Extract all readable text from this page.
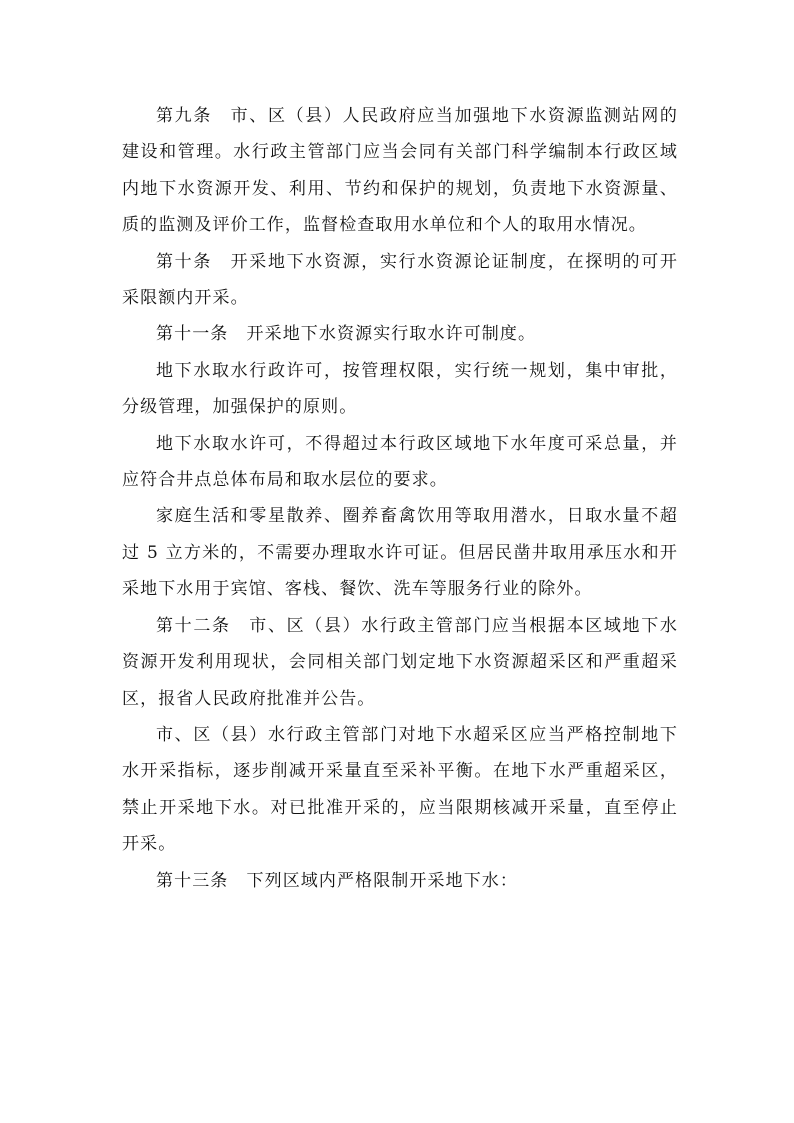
第九条　市、区（县）人民政府应当加强地下水资源监测站网的建设和管理。水行政主管部门应当会同有关部门科学编制本行政区域内地下水资源开发、利用、节约和保护的规划，负责地下水资源量、质的监测及评价工作，监督检查取用水单位和个人的取用水情况。

第十条　开采地下水资源，实行水资源论证制度，在探明的可开采限额内开采。

第十一条　开采地下水资源实行取水许可制度。

地下水取水行政许可，按管理权限，实行统一规划，集中审批，分级管理，加强保护的原则。

地下水取水许可，不得超过本行政区域地下水年度可采总量，并应符合井点总体布局和取水层位的要求。

家庭生活和零星散养、圈养畜禽饮用等取用潜水，日取水量不超过 5 立方米的，不需要办理取水许可证。但居民凿井取用承压水和开采地下水用于宾馆、客栈、餐饮、洗车等服务行业的除外。

第十二条　市、区（县）水行政主管部门应当根据本区域地下水资源开发利用现状，会同相关部门划定地下水资源超采区和严重超采区，报省人民政府批准并公告。

市、区（县）水行政主管部门对地下水超采区应当严格控制地下水开采指标，逐步削减开采量直至采补平衡。在地下水严重超采区，禁止开采地下水。对已批准开采的，应当限期核减开采量，直至停止开采。

第十三条　下列区域内严格限制开采地下水：
